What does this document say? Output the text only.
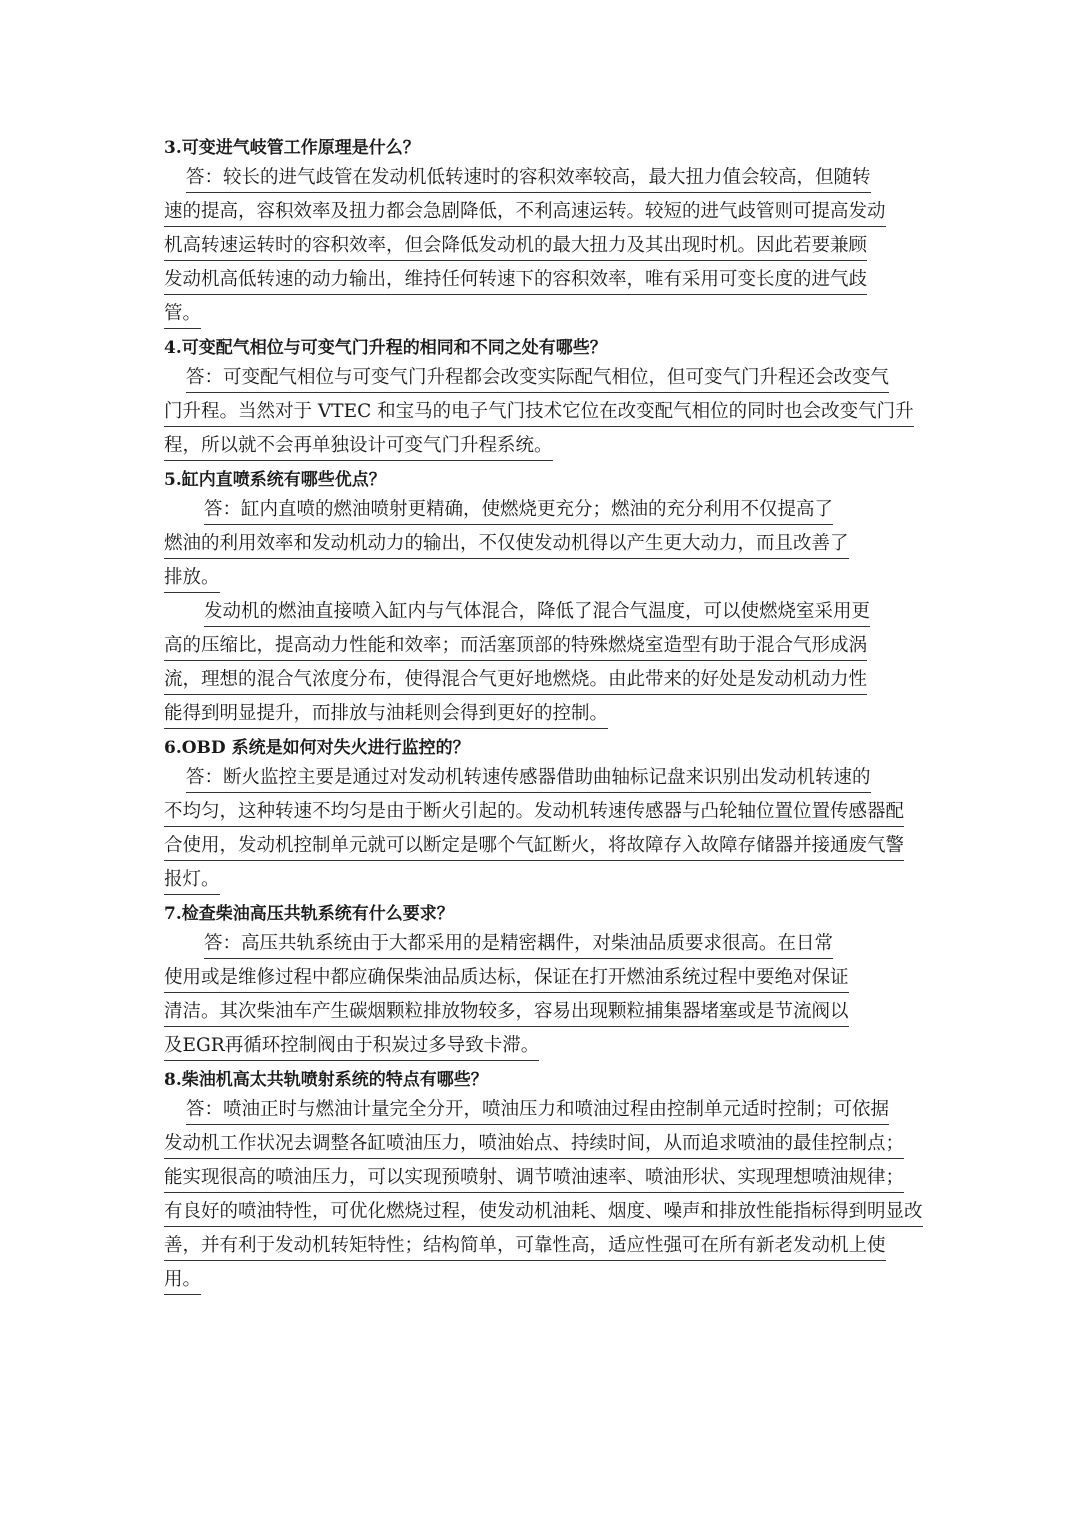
3.可变进气岐管工作原理是什么？
答：较长的进气歧管在发动机低转速时的容积效率较高，最大扭力值会较高，但随转
速的提高，容积效率及扭力都会急剧降低，不利高速运转。较短的进气歧管则可提高发动
机高转速运转时的容积效率，但会降低发动机的最大扭力及其出现时机。因此若要兼顾
发动机高低转速的动力输出，维持任何转速下的容积效率，唯有采用可变长度的进气歧
管。
4.可变配气相位与可变气门升程的相同和不同之处有哪些？
答：可变配气相位与可变气门升程都会改变实际配气相位，但可变气门升程还会改变气
门升程。当然对于 VTEC 和宝马的电子气门技术它位在改变配气相位的同时也会改变气门升
程，所以就不会再单独设计可变气门升程系统。
5.缸内直喷系统有哪些优点？
答：缸内直喷的燃油喷射更精确，使燃烧更充分；燃油的充分利用不仅提高了
燃油的利用效率和发动机动力的输出，不仅使发动机得以产生更大动力，而且改善了
排放。
发动机的燃油直接喷入缸内与气体混合，降低了混合气温度，可以使燃烧室采用更
高的压缩比，提高动力性能和效率；而活塞顶部的特殊燃烧室造型有助于混合气形成涡
流，理想的混合气浓度分布，使得混合气更好地燃烧。由此带来的好处是发动机动力性
能得到明显提升，而排放与油耗则会得到更好的控制。
6.OBD 系统是如何对失火进行监控的？
答：断火监控主要是通过对发动机转速传感器借助曲轴标记盘来识别出发动机转速的
不均匀，这种转速不均匀是由于断火引起的。发动机转速传感器与凸轮轴位置位置传感器配
合使用，发动机控制单元就可以断定是哪个气缸断火，将故障存入故障存储器并接通废气警
报灯。
7.检查柴油高压共轨系统有什么要求？
答：高压共轨系统由于大都采用的是精密耦件，对柴油品质要求很高。在日常
使用或是维修过程中都应确保柴油品质达标，保证在打开燃油系统过程中要绝对保证
清洁。其次柴油车产生碳烟颗粒排放物较多，容易出现颗粒捕集器堵塞或是节流阀以
及EGR再循环控制阀由于积炭过多导致卡滞。
8.柴油机高太共轨喷射系统的特点有哪些？
答：喷油正时与燃油计量完全分开，喷油压力和喷油过程由控制单元适时控制；可依据
发动机工作状况去调整各缸喷油压力，喷油始点、持续时间，从而追求喷油的最佳控制点；
能实现很高的喷油压力，可以实现预喷射、调节喷油速率、喷油形状、实现理想喷油规律；
有良好的喷油特性，可优化燃烧过程，使发动机油耗、烟度、噪声和排放性能指标得到明显改
善，并有利于发动机转矩特性；结构简单，可靠性高，适应性强可在所有新老发动机上使
用。
